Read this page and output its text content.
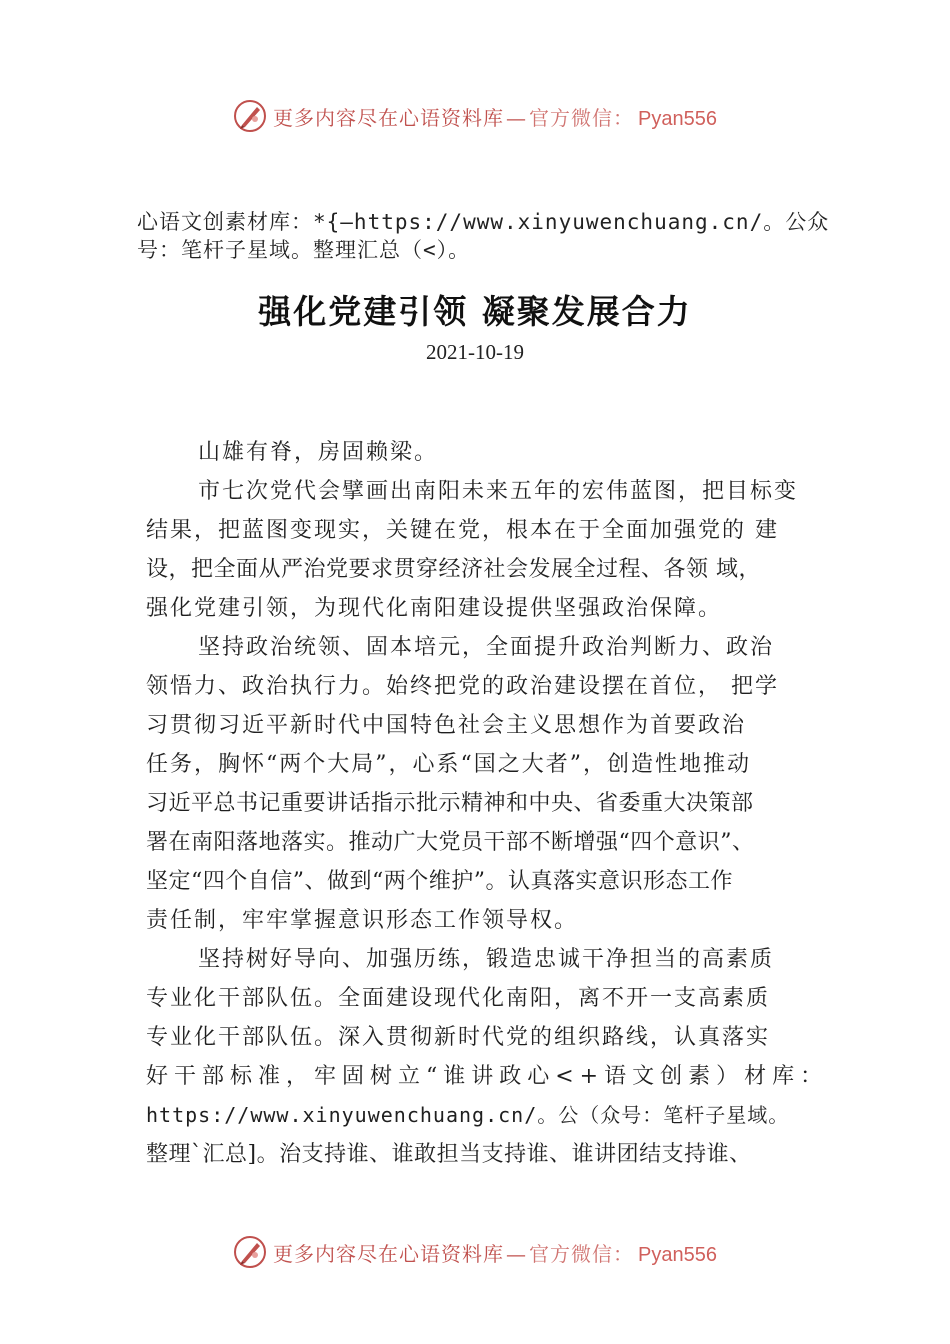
更多内容尽在心语资料库 — 官方微信： Pyan556
心语文创素材库：*{—https://www.xinyuwenchuang.cn/。公众号：笔杆子星域。整理汇总（<）。
强化党建引领 凝聚发展合力
2021-10-19
山雄有脊，房固赖梁。
市七次党代会擘画出南阳未来五年的宏伟蓝图，把目标变
结果，把蓝图变现实，关键在党，根本在于全面加强党的 建
设，把全面从严治党要求贯穿经济社会发展全过程、各领 域，
强化党建引领，为现代化南阳建设提供坚强政治保障。
坚持政治统领、固本培元，全面提升政治判断力、政治
领悟力、政治执行力。始终把党的政治建设摆在首位， 把学
习贯彻习近平新时代中国特色社会主义思想作为首要政治
任务，胸怀“两个大局”，心系“国之大者”，创造性地推动
习近平总书记重要讲话指示批示精神和中央、省委重大决策部
署在南阳落地落实。推动广大党员干部不断增强“四个意识”、
坚定“四个自信”、做到“两个维护”。认真落实意识形态工作
责任制，牢牢掌握意识形态工作领导权。
坚持树好导向、加强历练，锻造忠诚干净担当的高素质
专业化干部队伍。全面建设现代化南阳，离不开一支高素质
专业化干部队伍。深入贯彻新时代党的组织路线，认真落实
好干部标准，牢固树立“谁讲政心<+语文创素）材库：
https://www.xinyuwenchuang.cn/。公（众号：笔杆子星域。
整理`汇总]。治支持谁、谁敢担当支持谁、谁讲团结支持谁、
更多内容尽在心语资料库 — 官方微信： Pyan556
